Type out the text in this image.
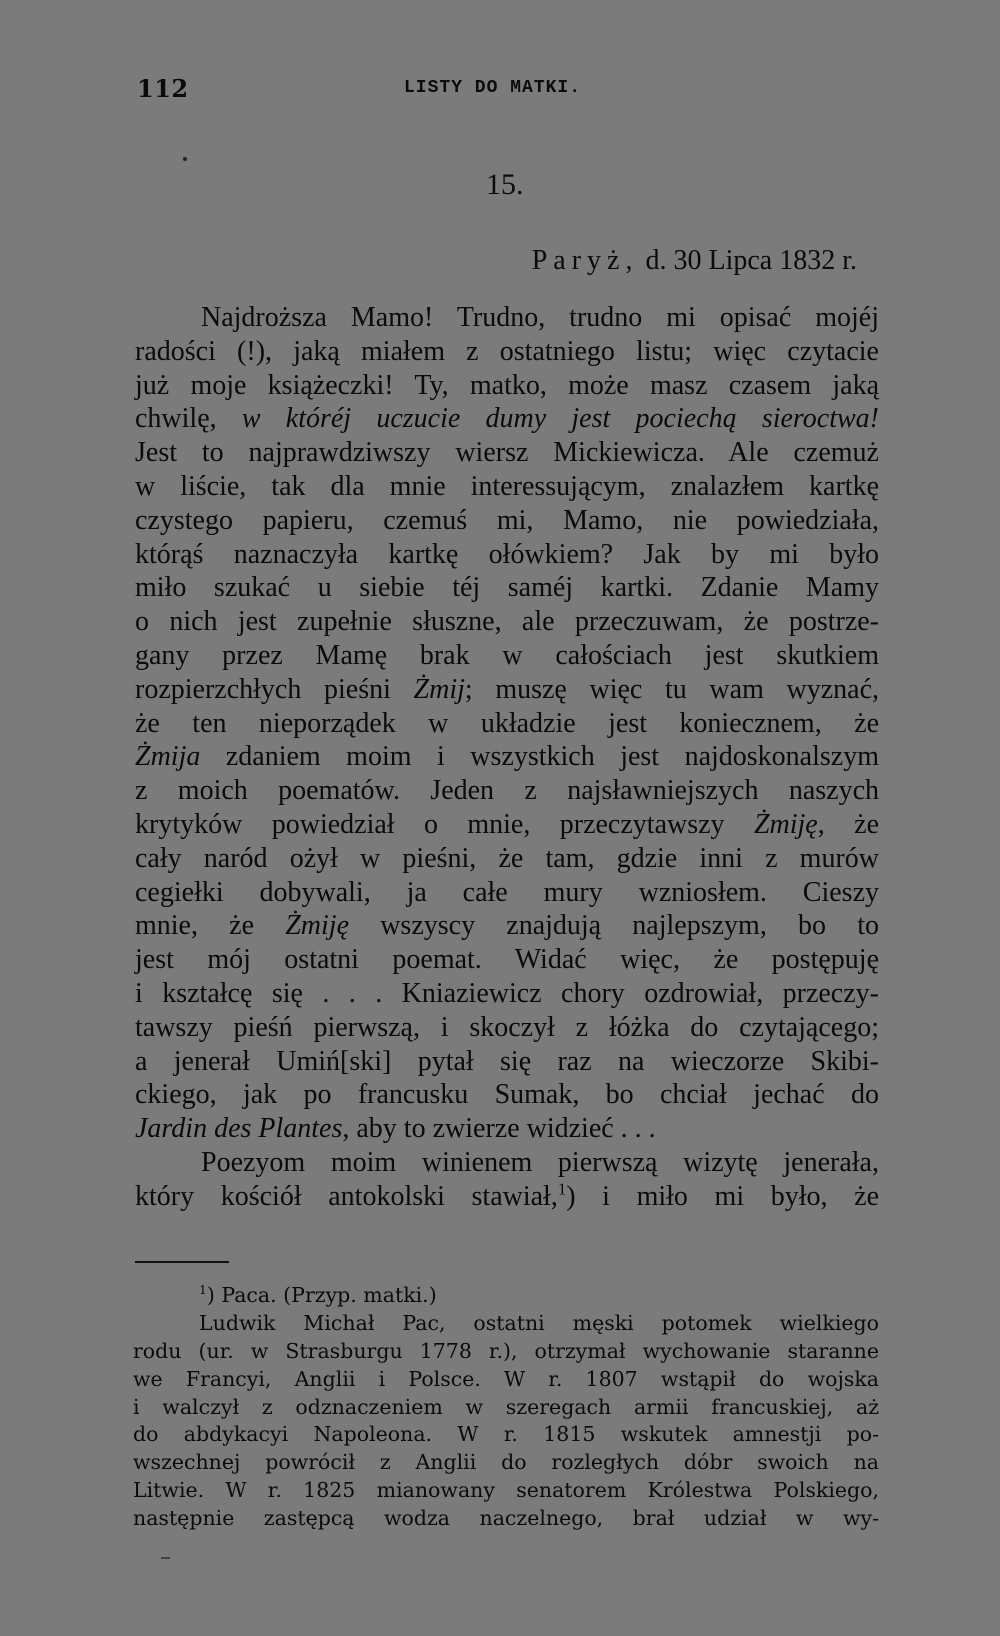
112	LISTY DO MATKI.
15.
Paryż, d. 30 Lipca 1832 r.
Najdroższa Mamo! Trudno, trudno mi opisać mojéj
radości (!), jaką miałem z ostatniego listu; więc czytacie
już moje książeczki! Ty, matko, może masz czasem jaką
chwilę, w któréj uczucie dumy jest pociechą sieroctwa!
Jest to najprawdziwszy wiersz Mickiewicza. Ale czemuż
w liście, tak dla mnie interessującym, znalazłem kartkę
czystego papieru, czemuś mi, Mamo, nie powiedziała,
którąś naznaczyła kartkę ołówkiem? Jak by mi było
miło szukać u siebie téj saméj kartki. Zdanie Mamy
o nich jest zupełnie słuszne, ale przeczuwam, że postrze-
gany przez Mamę brak w całościach jest skutkiem
rozpierzchłych pieśni Żmij; muszę więc tu wam wyznać,
że ten nieporządek w układzie jest koniecznem, że
Żmija zdaniem moim i wszystkich jest najdoskonalszym
z moich poematów. Jeden z najsławniejszych naszych
krytyków powiedział o mnie, przeczytawszy Żmiję, że
cały naród ożył w pieśni, że tam, gdzie inni z murów
cegiełki dobywali, ja całe mury wzniosłem. Cieszy
mnie, że Żmiję wszyscy znajdują najlepszym, bo to
jest mój ostatni poemat. Widać więc, że postępuję
i kształcę się . . . Kniaziewicz chory ozdrowiał, przeczy-
tawszy pieśń pierwszą, i skoczył z łóżka do czytającego;
a jenerał Umiń[ski] pytał się raz na wieczorze Skibi-
ckiego, jak po francusku Sumak, bo chciał jechać do
Jardin des Plantes, aby to zwierze widzieć . . .
Poezyom moim winienem pierwszą wizytę jenerała,
który kościół antokolski stawiał,$^1$) i miło mi było, że
$^1$) Paca. (Przyp. matki.)
Ludwik Michał Pac, ostatni męski potomek wielkiego
rodu (ur. w Strasburgu 1778 r.), otrzymał wychowanie staranne
we Francyi, Anglii i Polsce. W r. 1807 wstąpił do wojska
i walczył z odznaczeniem w szeregach armii francuskiej, aż
do abdykacyi Napoleona. W r. 1815 wskutek amnestji po-
wszechnej powrócił z Anglii do rozległych dóbr swoich na
Litwie. W r. 1825 mianowany senatorem Królestwa Polskiego,
następnie zastępcą wodza naczelnego, brał udział w wy-
